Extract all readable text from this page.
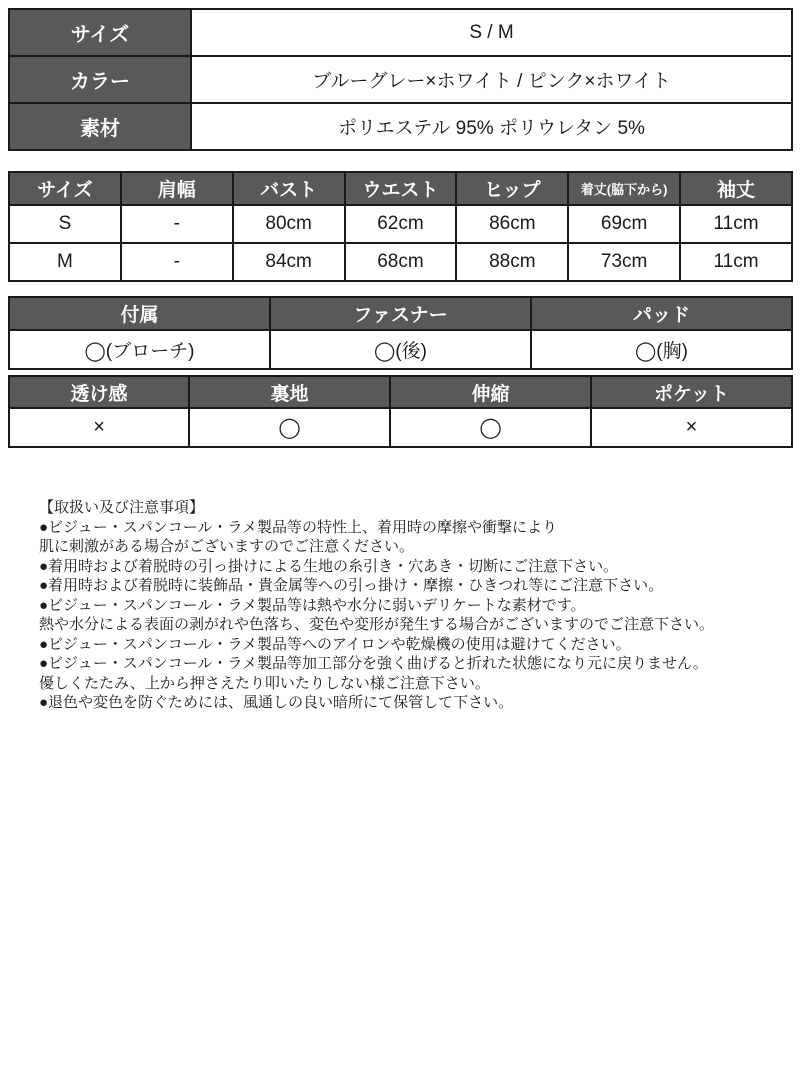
サイズ	S / M
カラー	ブルーグレー×ホワイト / ピンク×ホワイト
素材	ポリエステル 95% ポリウレタン 5%
サイズ	肩幅	バスト	ウエスト	ヒップ	着丈(脇下から)	袖丈
S	-	80cm	62cm	86cm	69cm	11cm
M	-	84cm	68cm	88cm	73cm	11cm
付属	ファスナー	パッド
◯(ブローチ)	◯(後)	◯(胸)
透け感	裏地	伸縮	ポケット
×	◯	◯	×
【取扱い及び注意事項】
●ビジュー・スパンコール・ラメ製品等の特性上、着用時の摩擦や衝撃により
肌に刺激がある場合がございますのでご注意ください。
●着用時および着脱時の引っ掛けによる生地の糸引き・穴あき・切断にご注意下さい。
●着用時および着脱時に装飾品・貴金属等への引っ掛け・摩擦・ひきつれ等にご注意下さい。
●ビジュー・スパンコール・ラメ製品等は熱や水分に弱いデリケートな素材です。
熱や水分による表面の剥がれや色落ち、変色や変形が発生する場合がございますのでご注意下さい。
●ビジュー・スパンコール・ラメ製品等へのアイロンや乾燥機の使用は避けてください。
●ビジュー・スパンコール・ラメ製品等加工部分を強く曲げると折れた状態になり元に戻りません。
優しくたたみ、上から押さえたり叩いたりしない様ご注意下さい。
●退色や変色を防ぐためには、風通しの良い暗所にて保管して下さい。
